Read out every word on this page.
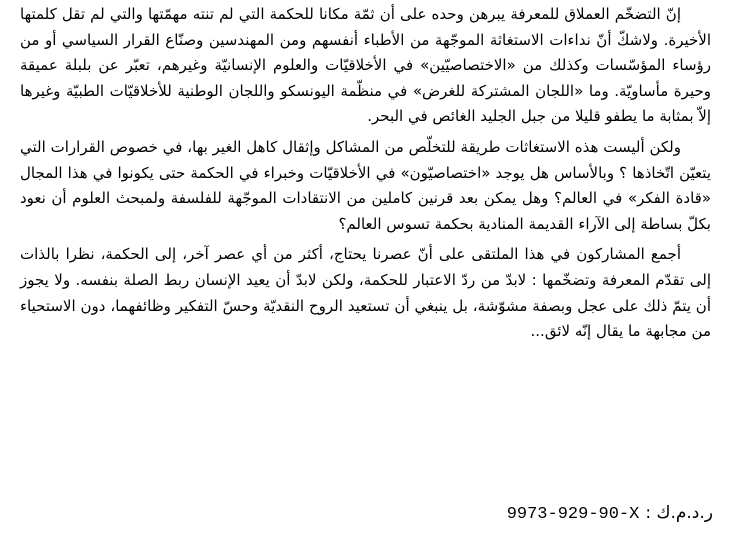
إنّ التضخّم العملاق للمعرفة يبرهن وحده على أن ثمّة مكانا للحكمة التي لم تنته مهمّتها والتي لم تقل كلمتها الأخيرة. ولاشكّ أنّ نداءات الاستغاثة الموجّهة من الأطباء أنفسهم ومن المهندسين وصنّاع القرار السياسي أو من رؤساء المؤسّسات وكذلك من «الاختصاصيّين» في الأخلاقيّات والعلوم الإنسانيّة وغيرهم، تعبّر عن بلبلة عميقة وحيرة مأساويّة. وما «اللجان المشتركة للغرض» في منظّمة اليونسكو واللجان الوطنية للأخلاقيّات الطبيّة وغيرها إلاّ بمثابة ما يطفو قليلا من جبل الجليد الغائص في البحر.

ولكن أليست هذه الاستغاثات طريقة للتخلّص من المشاكل وإثقال كاهل الغير بها، في خصوص القرارات التي يتعيّن اتّخاذها ؟ وبالأساس هل يوجد «اختصاصيّون» في الأخلاقيّات وخبراء في الحكمة حتى يكونوا في هذا المجال «قادة الفكر» في العالم؟ وهل يمكن بعد قرنين كاملين من الانتقادات الموجّهة للفلسفة ولمبحث العلوم أن نعود بكلّ بساطة إلى الآراء القديمة المنادية بحكمة تسوس العالم؟

أجمع المشاركون في هذا الملتقى على أنّ عصرنا يحتاج، أكثر من أي عصر آخر، إلى الحكمة، نظرا بالذات إلى تقدّم المعرفة وتضخّمها : لابدّ من ردّ الاعتبار للحكمة، ولكن لابدّ أن يعيد الإنسان ربط الصلة بنفسه. ولا يجوز أن يتمّ ذلك على عجل وبصفة مشوّشة، بل ينبغي أن تستعيد الروح النقديّة وحسّ التفكير وظائفهما، دون الاستحياء من مجابهة ما يقال إنّه لائق...

ر.د.م.ك :9973-929-90-X
